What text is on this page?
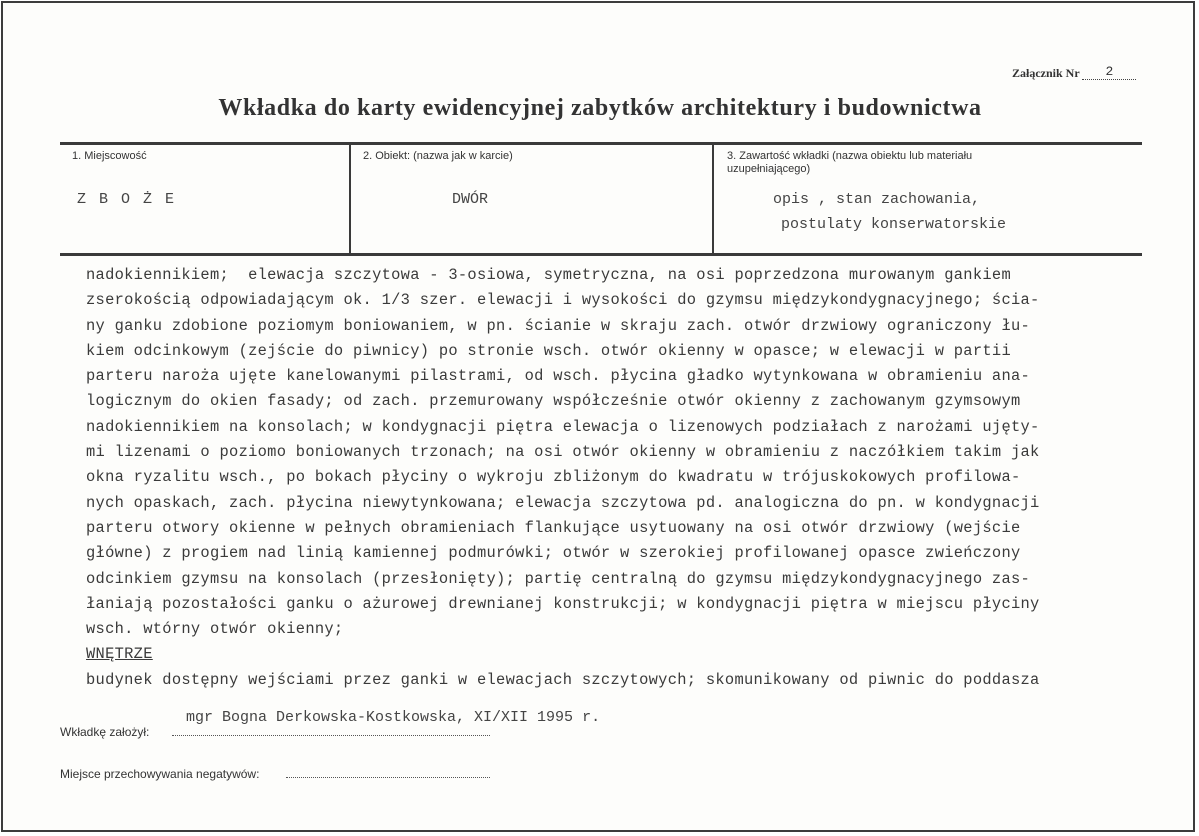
Załącznik Nr 2
Wkładka do karty ewidencyjnej zabytków architektury i budownictwa
1. Miejscowość
Z B O Ż E
2. Obiekt: (nazwa jak w karcie)
DWÓR
3. Zawartość wkładki (nazwa obiektu lub materiału
uzupełniającego)
opis , stan zachowania,
postulaty konserwatorskie
nadokiennikiem;  elewacja szczytowa - 3-osiowa, symetryczna, na osi poprzedzona murowanym gankiem
zserokością odpowiadającym ok. 1/3 szer. elewacji i wysokości do gzymsu międzykondygnacyjnego; ścia-
ny ganku zdobione poziomym boniowaniem, w pn. ścianie w skraju zach. otwór drzwiowy ograniczony łu-
kiem odcinkowym (zejście do piwnicy) po stronie wsch. otwór okienny w opasce; w elewacji w partii
parteru naroża ujęte kanelowanymi pilastrami, od wsch. płycina gładko wytynkowana w obramieniu ana-
logicznym do okien fasady; od zach. przemurowany współcześnie otwór okienny z zachowanym gzymsowym
nadokiennikiem na konsolach; w kondygnacji piętra elewacja o lizenowych podziałach z narożami ujęty-
mi lizenami o poziomo boniowanych trzonach; na osi otwór okienny w obramieniu z naczółkiem takim jak
okna ryzalitu wsch., po bokach płyciny o wykroju zbliżonym do kwadratu w trójuskokowych profilowa-
nych opaskach, zach. płycina niewytynkowana; elewacja szczytowa pd. analogiczna do pn. w kondygnacji
parteru otwory okienne w pełnych obramieniach flankujące usytuowany na osi otwór drzwiowy (wejście
główne) z progiem nad linią kamiennej podmurówki; otwór w szerokiej profilowanej opasce zwieńczony
odcinkiem gzymsu na konsolach (przesłonięty); partię centralną do gzymsu międzykondygnacyjnego zas-
łaniają pozostałości ganku o ażurowej drewnianej konstrukcji; w kondygnacji piętra w miejscu płyciny
wsch. wtórny otwór okienny;
WNĘTRZE
budynek dostępny wejściami przez ganki w elewacjach szczytowych; skomunikowany od piwnic do poddasza
mgr Bogna Derkowska-Kostkowska, XI/XII 1995 r.
Wkładkę założył:
Miejsce przechowywania negatywów:
